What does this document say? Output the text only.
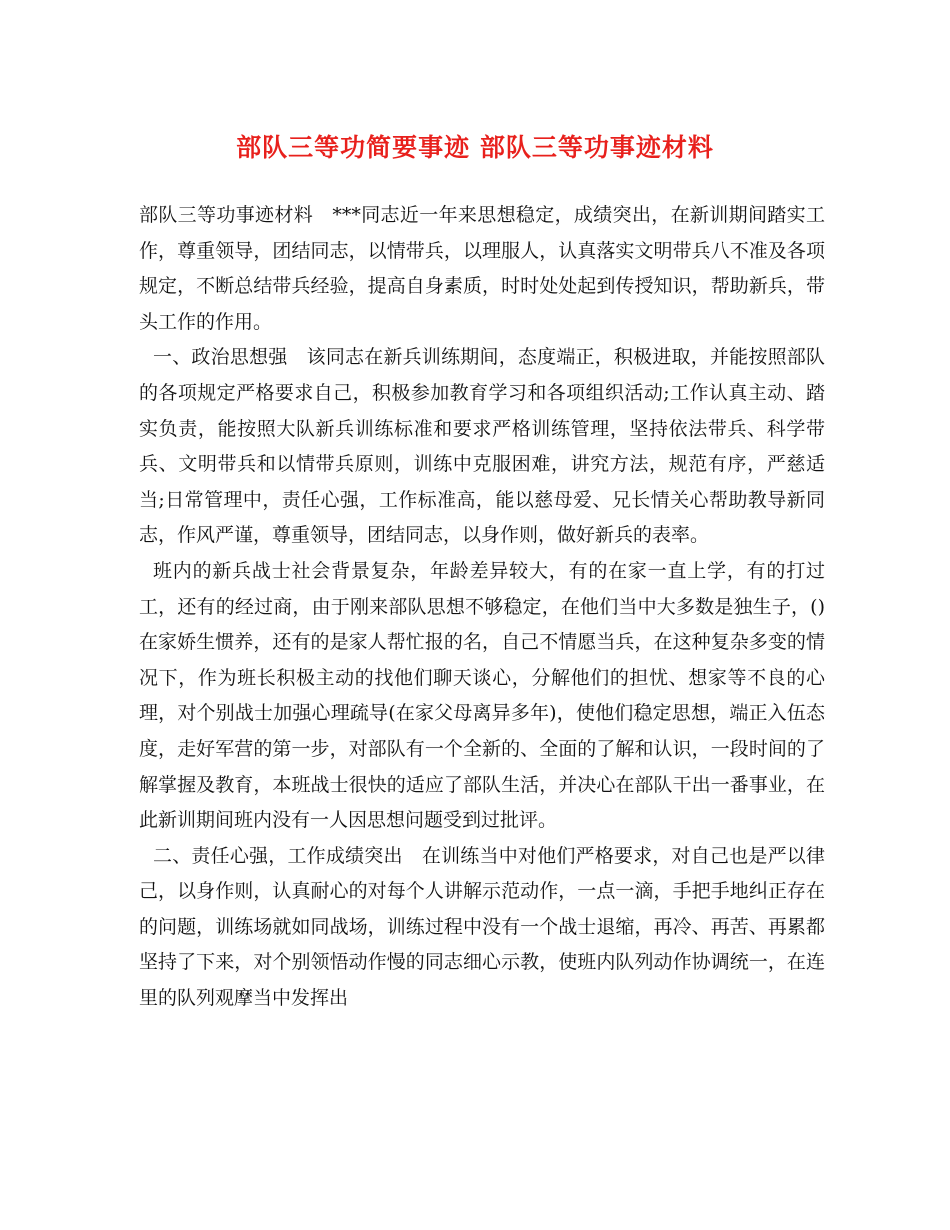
部队三等功简要事迹 部队三等功事迹材料

部队三等功事迹材料　***同志近一年来思想稳定，成绩突出，在新训期间踏实工作，尊重领导，团结同志，以情带兵，以理服人，认真落实文明带兵八不准及各项规定，不断总结带兵经验，提高自身素质，时时处处起到传授知识，帮助新兵，带头工作的作用。

一、政治思想强　该同志在新兵训练期间，态度端正，积极进取，并能按照部队的各项规定严格要求自己，积极参加教育学习和各项组织活动;工作认真主动、踏实负责，能按照大队新兵训练标准和要求严格训练管理，坚持依法带兵、科学带兵、文明带兵和以情带兵原则，训练中克服困难，讲究方法，规范有序，严慈适当;日常管理中，责任心强，工作标准高，能以慈母爱、兄长情关心帮助教导新同志，作风严谨，尊重领导，团结同志，以身作则，做好新兵的表率。

班内的新兵战士社会背景复杂，年龄差异较大，有的在家一直上学，有的打过工，还有的经过商，由于刚来部队思想不够稳定，在他们当中大多数是独生子，()在家娇生惯养，还有的是家人帮忙报的名，自己不情愿当兵，在这种复杂多变的情况下，作为班长积极主动的找他们聊天谈心，分解他们的担忧、想家等不良的心理，对个别战士加强心理疏导(在家父母离异多年)，使他们稳定思想，端正入伍态度，走好军营的第一步，对部队有一个全新的、全面的了解和认识，一段时间的了解掌握及教育，本班战士很快的适应了部队生活，并决心在部队干出一番事业，在此新训期间班内没有一人因思想问题受到过批评。

二、责任心强，工作成绩突出　在训练当中对他们严格要求，对自己也是严以律己，以身作则，认真耐心的对每个人讲解示范动作，一点一滴，手把手地纠正存在的问题，训练场就如同战场，训练过程中没有一个战士退缩，再冷、再苦、再累都坚持了下来，对个别领悟动作慢的同志细心示教，使班内队列动作协调统一，在连里的队列观摩当中发挥出
